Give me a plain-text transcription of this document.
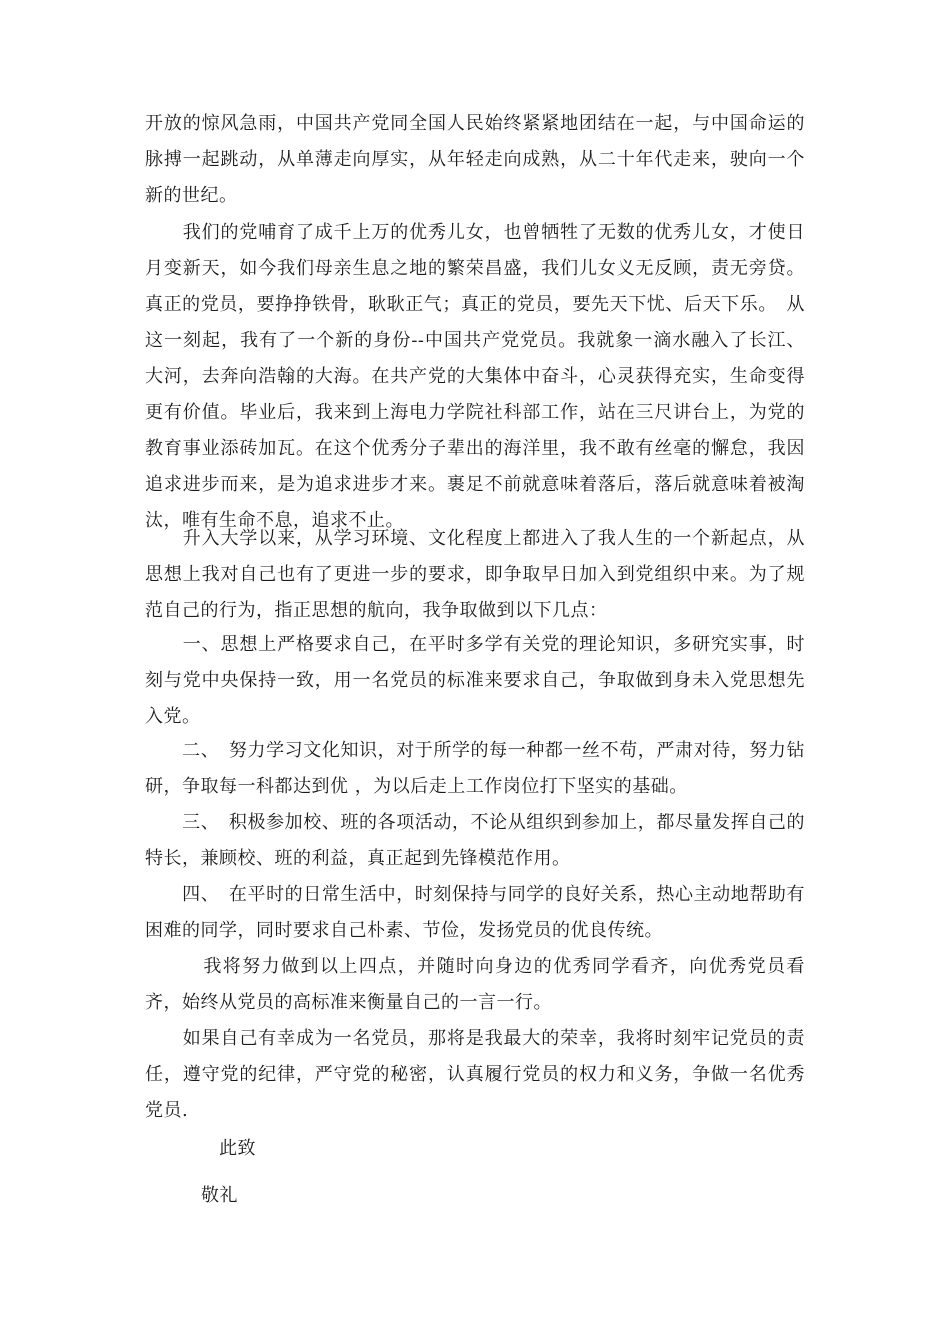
开放的惊风急雨，中国共产党同全国人民始终紧紧地团结在一起，与中国命运的脉搏一起跳动，从单薄走向厚实，从年轻走向成熟，从二十年代走来，驶向一个新的世纪。

　　我们的党哺育了成千上万的优秀儿女，也曾牺牲了无数的优秀儿女，才使日月变新天，如今我们母亲生息之地的繁荣昌盛，我们儿女义无反顾，责无旁贷。真正的党员，要挣挣铁骨，耿耿正气；真正的党员，要先天下忧、后天下乐。　从这一刻起，我有了一个新的身份--中国共产党党员。我就象一滴水融入了长江、大河，去奔向浩翰的大海。在共产党的大集体中奋斗，心灵获得充实，生命变得更有价值。毕业后，我来到上海电力学院社科部工作，站在三尺讲台上，为党的教育事业添砖加瓦。在这个优秀分子辈出的海洋里，我不敢有丝毫的懈怠，我因追求进步而来，是为追求进步才来。裹足不前就意味着落后，落后就意味着被淘汰，唯有生命不息，追求不止。

　　升入大学以来，从学习环境、文化程度上都进入了我人生的一个新起点，从思想上我对自己也有了更进一步的要求，即争取早日加入到党组织中来。为了规范自己的行为，指正思想的航向，我争取做到以下几点：

　　一、思想上严格要求自己，在平时多学有关党的理论知识，多研究实事，时刻与党中央保持一致，用一名党员的标准来要求自己，争取做到身未入党思想先入党。

　　二、　努力学习文化知识，对于所学的每一种都一丝不苟，严肃对待，努力钻研，争取每一科都达到优 ，为以后走上工作岗位打下坚实的基础。

　　三、　积极参加校、班的各项活动，不论从组织到参加上，都尽量发挥自己的特长，兼顾校、班的利益，真正起到先锋模范作用。

　　四、　在平时的日常生活中，时刻保持与同学的良好关系，热心主动地帮助有困难的同学，同时要求自己朴素、节俭，发扬党员的优良传统。

　　　我将努力做到以上四点，并随时向身边的优秀同学看齐，向优秀党员看齐，始终从党员的高标准来衡量自己的一言一行。

　　如果自己有幸成为一名党员，那将是我最大的荣幸，我将时刻牢记党员的责任，遵守党的纪律，严守党的秘密，认真履行党员的权力和义务，争做一名优秀党员.

此致

敬礼
